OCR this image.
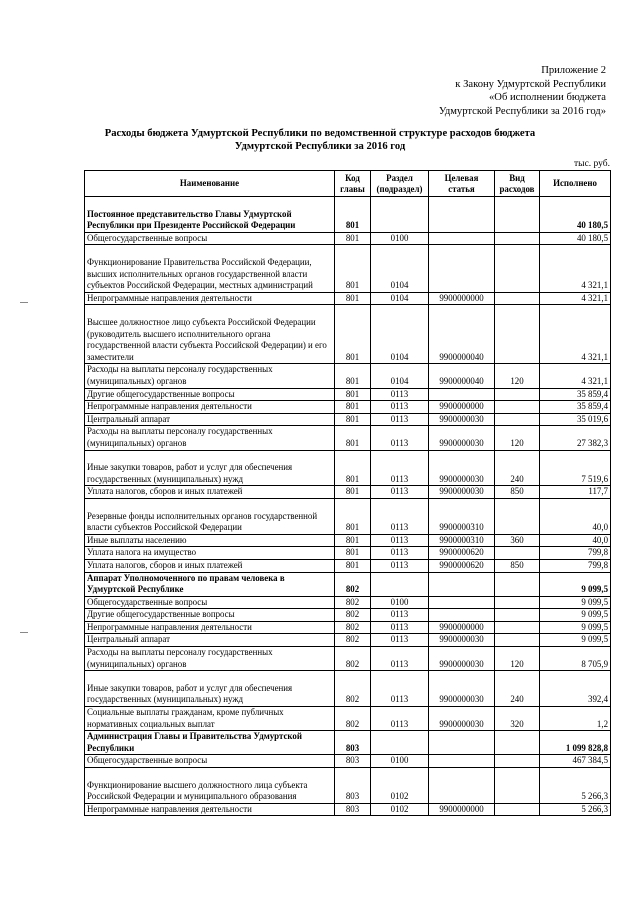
Приложение 2
к Закону Удмуртской Республики
«Об исполнении бюджета
Удмуртской Республики за 2016 год»
Расходы бюджета Удмуртской Республики по ведомственной структуре расходов бюджета Удмуртской Республики за 2016 год
тыс. руб.
Наименование	Код главы	Раздел (подраздел)	Целевая статья	Вид расходов	Исполнено
Постоянное представительство Главы Удмуртской Республики при Президенте Российской Федерации	801				40 180,5
Общегосударственные вопросы	801	0100			40 180,5
Функционирование Правительства Российской Федерации, высших исполнительных органов государственной власти субъектов Российской Федерации, местных администраций	801	0104			4 321,1
Непрограммные направления деятельности	801	0104	9900000000		4 321,1
Высшее должностное лицо субъекта Российской Федерации (руководитель высшего исполнительного органа государственной власти субъекта Российской Федерации) и его заместители	801	0104	9900000040		4 321,1
Расходы на выплаты персоналу государственных (муниципальных) органов	801	0104	9900000040	120	4 321,1
Другие общегосударственные вопросы	801	0113			35 859,4
Непрограммные направления деятельности	801	0113	9900000000		35 859,4
Центральный аппарат	801	0113	9900000030		35 019,6
Расходы на выплаты персоналу государственных (муниципальных) органов	801	0113	9900000030	120	27 382,3
Иные закупки товаров, работ и услуг для обеспечения государственных (муниципальных) нужд	801	0113	9900000030	240	7 519,6
Уплата налогов, сборов и иных платежей	801	0113	9900000030	850	117,7
Резервные фонды исполнительных органов государственной власти субъектов Российской Федерации	801	0113	9900000310		40,0
Иные выплаты населению	801	0113	9900000310	360	40,0
Уплата налога на имущество	801	0113	9900000620		799,8
Уплата налогов, сборов и иных платежей	801	0113	9900000620	850	799,8
Аппарат Уполномоченного по правам человека в Удмуртской Республике	802				9 099,5
Общегосударственные вопросы	802	0100			9 099,5
Другие общегосударственные вопросы	802	0113			9 099,5
Непрограммные направления деятельности	802	0113	9900000000		9 099,5
Центральный аппарат	802	0113	9900000030		9 099,5
Расходы на выплаты персоналу государственных (муниципальных) органов	802	0113	9900000030	120	8 705,9
Иные закупки товаров, работ и услуг для обеспечения государственных (муниципальных) нужд	802	0113	9900000030	240	392,4
Социальные выплаты гражданам, кроме публичных нормативных социальных выплат	802	0113	9900000030	320	1,2
Администрация Главы и Правительства Удмуртской Республики	803				1 099 828,8
Общегосударственные вопросы	803	0100			467 384,5
Функционирование высшего должностного лица субъекта Российской Федерации и муниципального образования	803	0102			5 266,3
Непрограммные направления деятельности	803	0102	9900000000		5 266,3
